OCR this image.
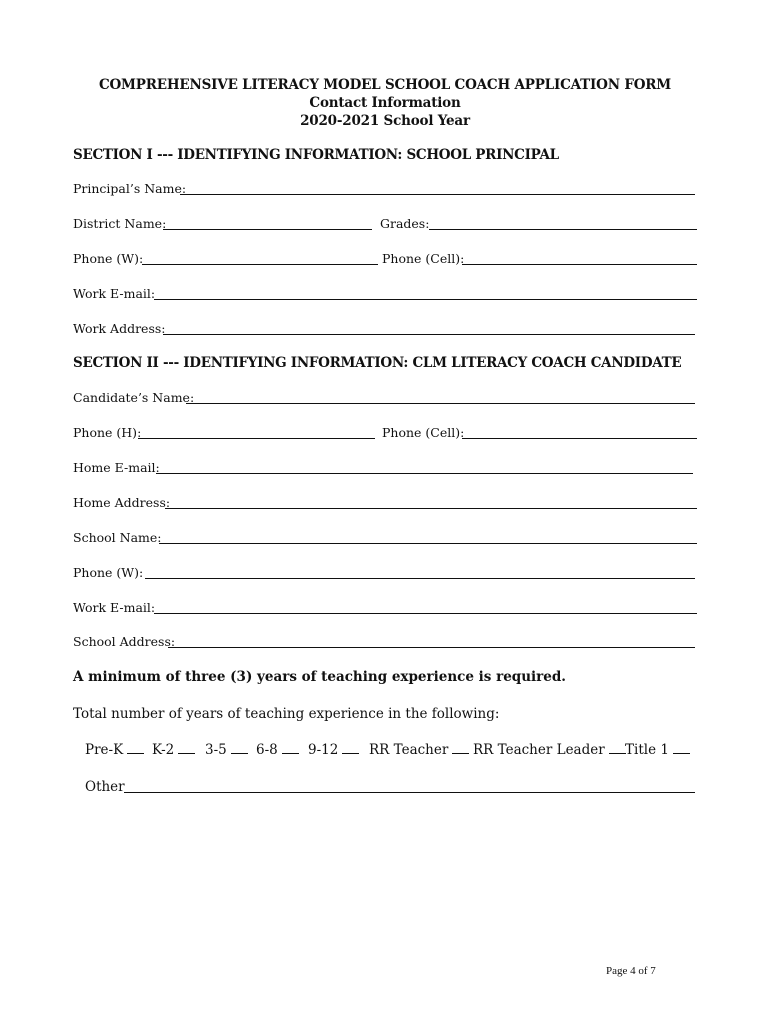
COMPREHENSIVE LITERACY MODEL SCHOOL COACH APPLICATION FORM
Contact Information
2020-2021 School Year
SECTION I --- IDENTIFYING INFORMATION: SCHOOL PRINCIPAL
Principal’s Name:
District Name:	Grades:
Phone (W):	Phone (Cell):
Work E-mail:
Work Address:
SECTION II --- IDENTIFYING INFORMATION: CLM LITERACY COACH CANDIDATE
Candidate’s Name:
Phone (H):	Phone (Cell):
Home E-mail:
Home Address:
School Name:
Phone (W):
Work E-mail:
School Address:
A minimum of three (3) years of teaching experience is required.
Total number of years of teaching experience in the following:
Pre-K	K-2	3-5	6-8	9-12	RR Teacher	RR Teacher Leader	Title 1
Other
Page 4 of 7
